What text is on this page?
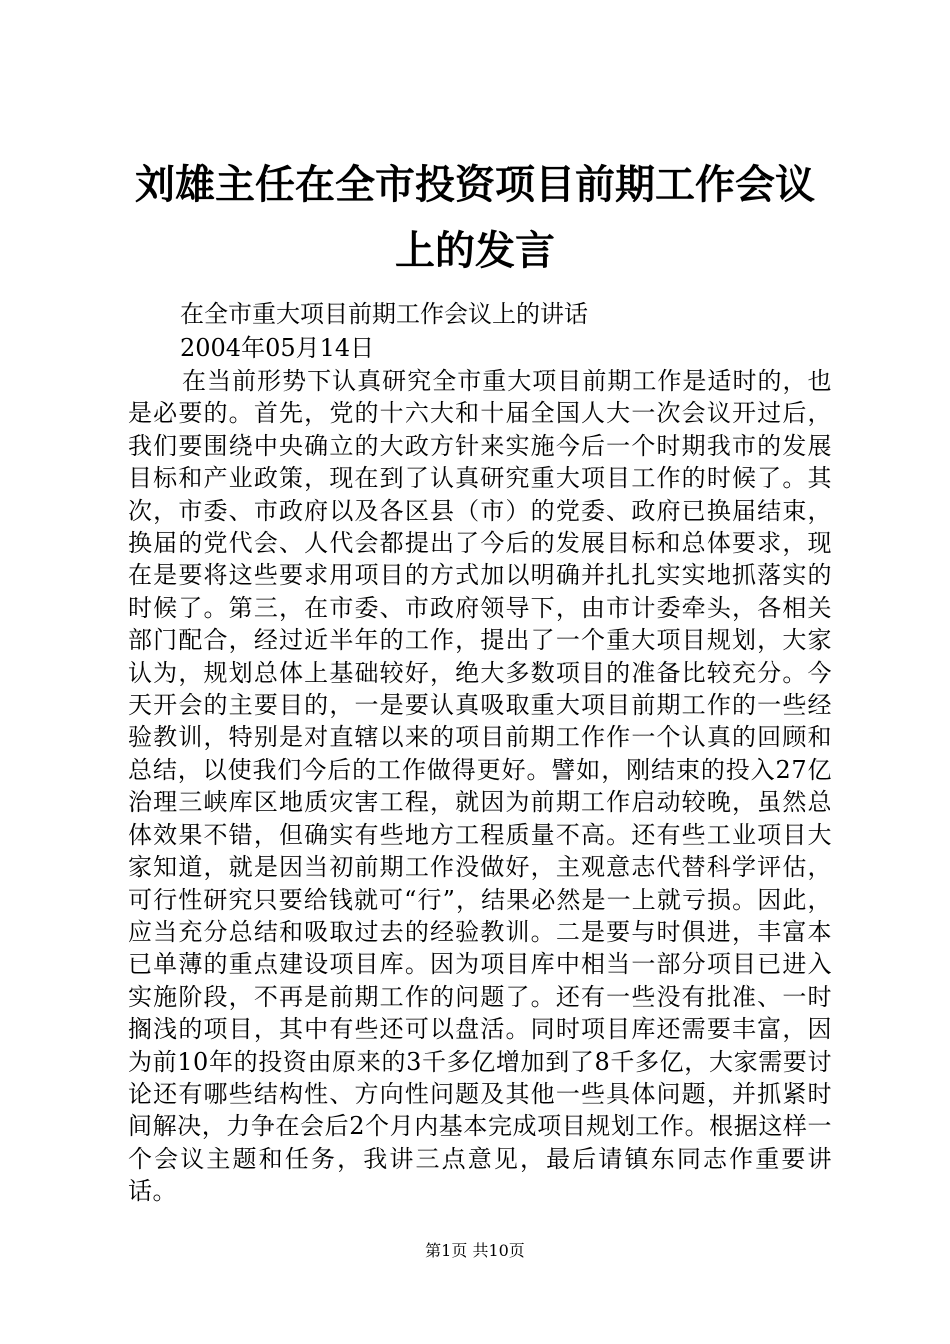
刘雄主任在全市投资项目前期工作会议上的发言

在全市重大项目前期工作会议上的讲话

2004年05月14日

在当前形势下认真研究全市重大项目前期工作是适时的，也是必要的。首先，党的十六大和十届全国人大一次会议开过后，我们要围绕中央确立的大政方针来实施今后一个时期我市的发展目标和产业政策，现在到了认真研究重大项目工作的时候了。其次，市委、市政府以及各区县（市）的党委、政府已换届结束，换届的党代会、人代会都提出了今后的发展目标和总体要求，现在是要将这些要求用项目的方式加以明确并扎扎实实地抓落实的时候了。第三，在市委、市政府领导下，由市计委牵头，各相关部门配合，经过近半年的工作，提出了一个重大项目规划，大家认为，规划总体上基础较好，绝大多数项目的准备比较充分。今天开会的主要目的，一是要认真吸取重大项目前期工作的一些经验教训，特别是对直辖以来的项目前期工作作一个认真的回顾和总结，以使我们今后的工作做得更好。譬如，刚结束的投入27亿治理三峡库区地质灾害工程，就因为前期工作启动较晚，虽然总体效果不错，但确实有些地方工程质量不高。还有些工业项目大家知道，就是因当初前期工作没做好，主观意志代替科学评估，可行性研究只要给钱就可“行”，结果必然是一上就亏损。因此，应当充分总结和吸取过去的经验教训。二是要与时俱进，丰富本已单薄的重点建设项目库。因为项目库中相当一部分项目已进入实施阶段，不再是前期工作的问题了。还有一些没有批准、一时搁浅的项目，其中有些还可以盘活。同时项目库还需要丰富，因为前10年的投资由原来的3千多亿增加到了8千多亿，大家需要讨论还有哪些结构性、方向性问题及其他一些具体问题，并抓紧时间解决，力争在会后2个月内基本完成项目规划工作。根据这样一个会议主题和任务，我讲三点意见，最后请镇东同志作重要讲话。

第1页 共10页
